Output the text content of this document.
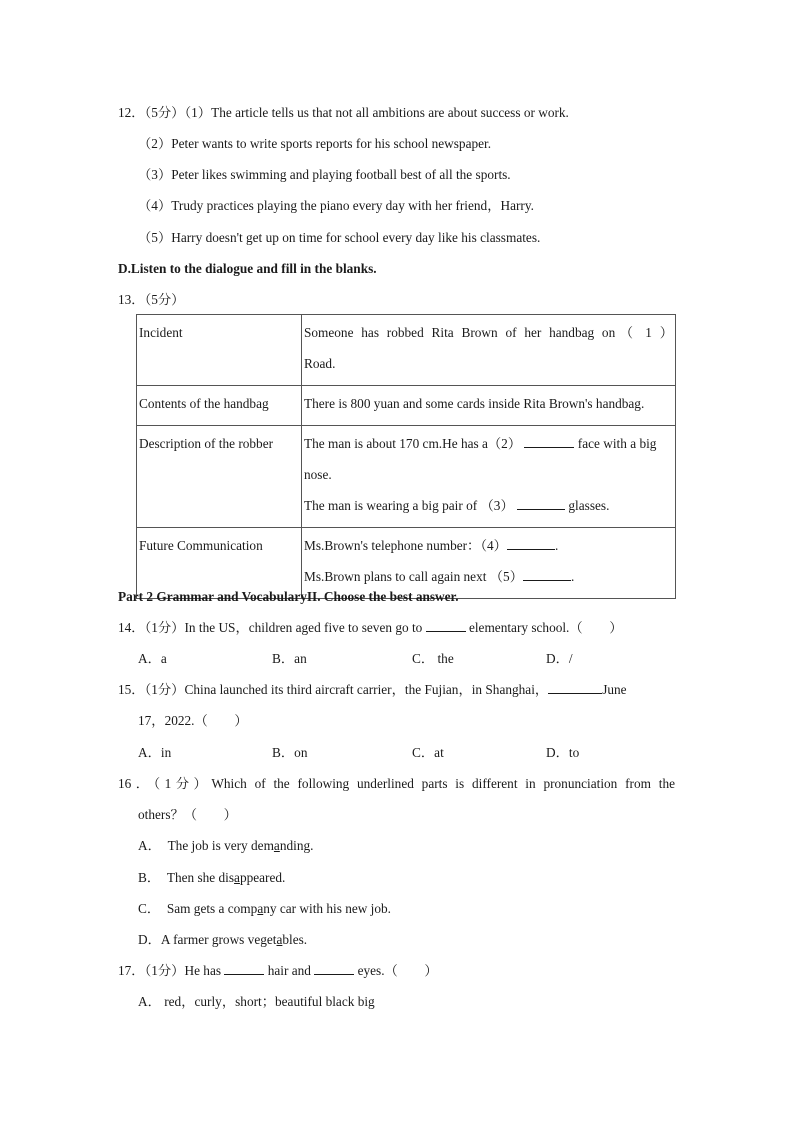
12．（5分）（1）The article tells us that not all ambitions are about success or work.
（2）Peter wants to write sports reports for his school newspaper.
（3）Peter likes swimming and playing football best of all the sports.
（4）Trudy practices playing the piano every day with her friend，Harry.
（5）Harry doesn't get up on time for school every day like his classmates.
D.Listen to the dialogue and fill in the blanks.
13．（5分）
Incident	Someone has robbed Rita Brown of her handbag on（ 1 ）
Road.

Contents of the handbag	There is 800 yuan and some cards inside Rita Brown's handbag.

Description of the robber	The man is about 170 cm.He has a（2） face with a big
nose.
The man is wearing a big pair of （3） glasses.

Future Communication	Ms.Brown's telephone number：（4） .
Ms.Brown plans to call again next （5） .
Part 2 Grammar and VocabularyII. Choose the best answer.
14．（1分）In the US，children aged five to seven go to	elementary school.（　　）
A．a	B．an	C． the	D．/
15．（1分）China launched its third aircraft carrier，the Fujian，in Shanghai，	June
17，2022.（　　）
A．in	B．on	C．at	D．to
16．（1分）Which of the following underlined parts is different in pronunciation from the
others？（　　）
A． The job is very demanding.
B． Then she disappeared.
C． Sam gets a company car with his new job.
D．A farmer grows vegetables.
17．（1分）He has	hair and	eyes.（　　）
A． red，curly，short；beautiful black big
